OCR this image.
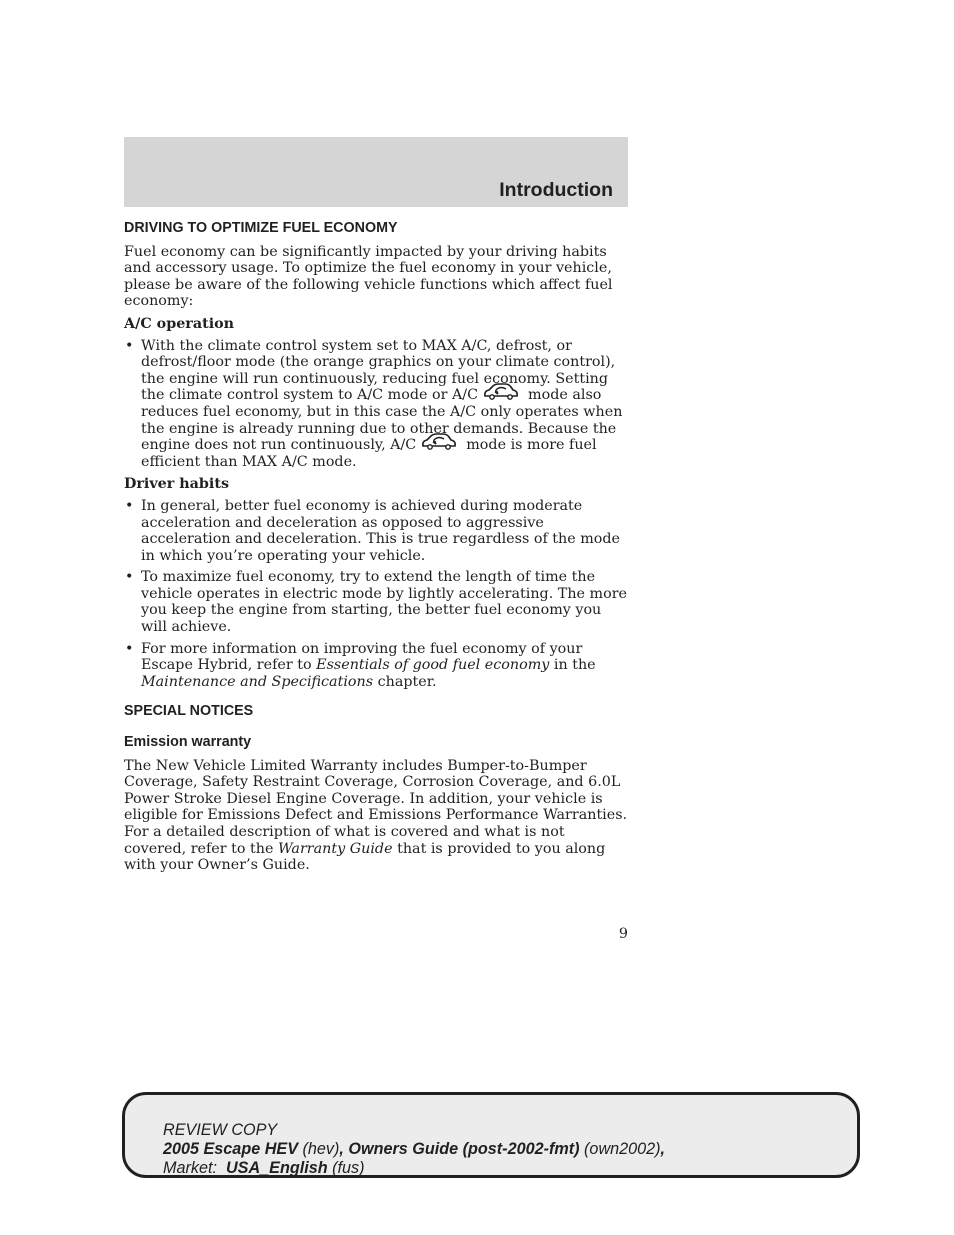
Introduction
DRIVING TO OPTIMIZE FUEL ECONOMY

Fuel economy can be significantly impacted by your driving habits and accessory usage. To optimize the fuel economy in your vehicle, please be aware of the following vehicle functions which affect fuel economy:

A/C operation
• With the climate control system set to MAX A/C, defrost, or defrost/floor mode (the orange graphics on your climate control), the engine will run continuously, reducing fuel economy. Setting the climate control system to A/C mode or A/C	mode also reduces fuel economy, but in this case the A/C only operates when the engine is already running due to other demands. Because the engine does not run continuously, A/C	mode is more fuel efficient than MAX A/C mode.
Driver habits
• In general, better fuel economy is achieved during moderate acceleration and deceleration as opposed to aggressive acceleration and deceleration. This is true regardless of the mode in which you’re operating your vehicle.
• To maximize fuel economy, try to extend the length of time the vehicle operates in electric mode by lightly accelerating. The more you keep the engine from starting, the better fuel economy you will achieve.
• For more information on improving the fuel economy of your Escape Hybrid, refer to Essentials of good fuel economy in the Maintenance and Specifications chapter.
SPECIAL NOTICES
Emission warranty

The New Vehicle Limited Warranty includes Bumper-to-Bumper Coverage, Safety Restraint Coverage, Corrosion Coverage, and 6.0L Power Stroke Diesel Engine Coverage. In addition, your vehicle is eligible for Emissions Defect and Emissions Performance Warranties. For a detailed description of what is covered and what is not covered, refer to the Warranty Guide that is provided to you along with your Owner’s Guide.

9
REVIEW COPY
2005 Escape HEV (hev), Owners Guide (post-2002-fmt) (own2002),
Market:  USA_English (fus)
